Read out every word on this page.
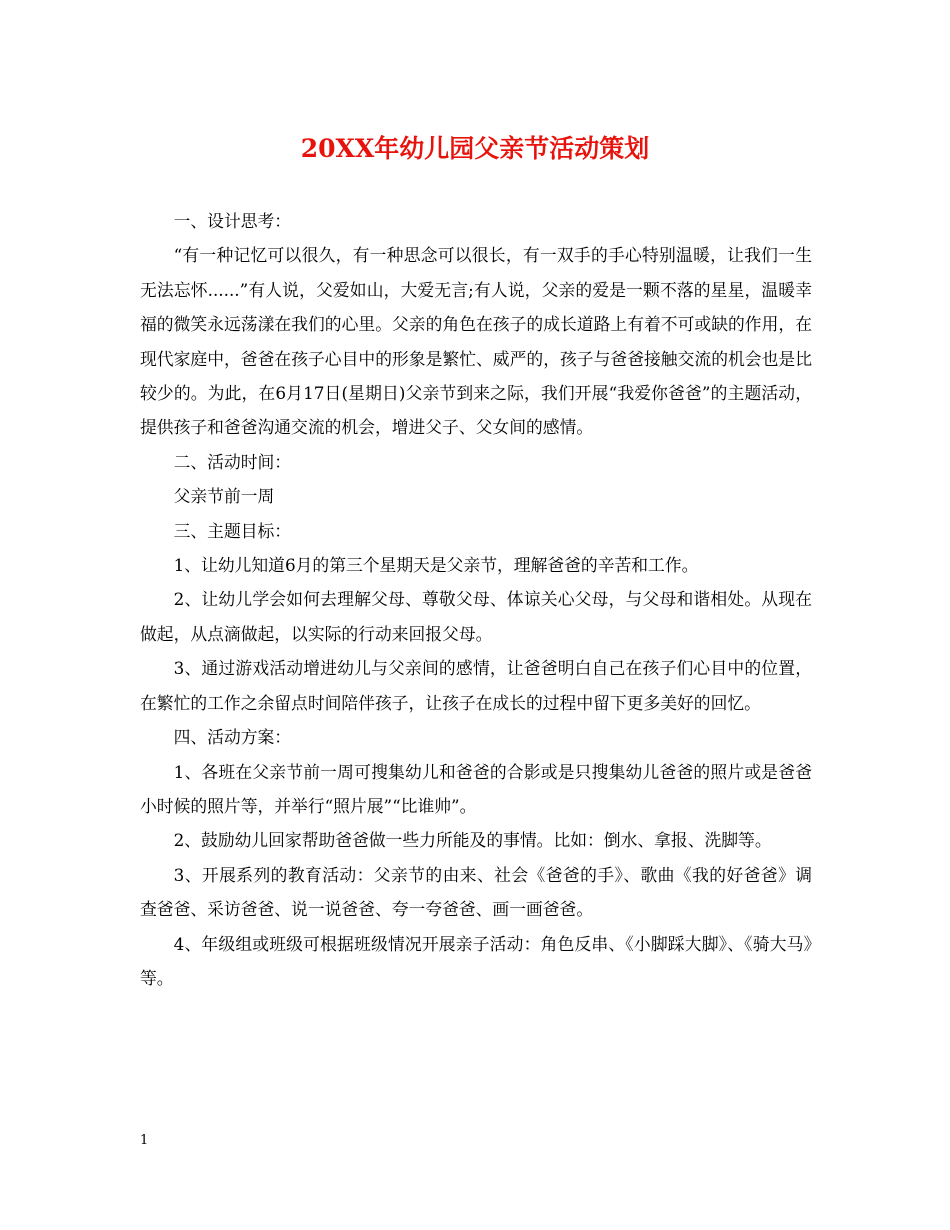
20XX年幼儿园父亲节活动策划

一、设计思考：

“有一种记忆可以很久，有一种思念可以很长，有一双手的手心特别温暖，让我们一生无法忘怀......”有人说，父爱如山，大爱无言;有人说，父亲的爱是一颗不落的星星，温暖幸福的微笑永远荡漾在我们的心里。父亲的角色在孩子的成长道路上有着不可或缺的作用，在现代家庭中，爸爸在孩子心目中的形象是繁忙、威严的，孩子与爸爸接触交流的机会也是比较少的。为此，在6月17日(星期日)父亲节到来之际，我们开展“我爱你爸爸”的主题活动，提供孩子和爸爸沟通交流的机会，增进父子、父女间的感情。

二、活动时间：

父亲节前一周

三、主题目标：

1、让幼儿知道6月的第三个星期天是父亲节，理解爸爸的辛苦和工作。

2、让幼儿学会如何去理解父母、尊敬父母、体谅关心父母，与父母和谐相处。从现在做起，从点滴做起，以实际的行动来回报父母。

3、通过游戏活动增进幼儿与父亲间的感情，让爸爸明白自己在孩子们心目中的位置，在繁忙的工作之余留点时间陪伴孩子，让孩子在成长的过程中留下更多美好的回忆。

四、活动方案：

1、各班在父亲节前一周可搜集幼儿和爸爸的合影或是只搜集幼儿爸爸的照片或是爸爸小时候的照片等，并举行“照片展”“比谁帅”。

2、鼓励幼儿回家帮助爸爸做一些力所能及的事情。比如：倒水、拿报、洗脚等。

3、开展系列的教育活动：父亲节的由来、社会《爸爸的手》、歌曲《我的好爸爸》调查爸爸、采访爸爸、说一说爸爸、夸一夸爸爸、画一画爸爸。

4、年级组或班级可根据班级情况开展亲子活动：角色反串、《小脚踩大脚》、《骑大马》等。

1
